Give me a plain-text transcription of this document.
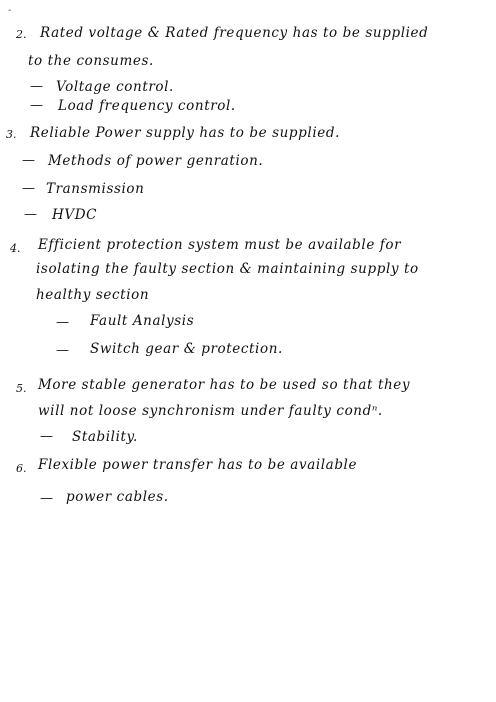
-
2. Rated voltage & Rated frequency has to be supplied
to the consumes.
— Voltage control.
— Load frequency control.
3. Reliable Power supply has to be supplied.
— Methods of power genration.
— Transmission
— HVDC
4. Efficient protection system must be available for
isolating the faulty section & maintaining supply to
healthy section
— Fault Analysis
— Switch gear & protection.
5. More stable generator has to be used so that they
will not loose synchronism under faulty condⁿ.
— Stability.
6. Flexible power transfer has to be available
— power cables.
